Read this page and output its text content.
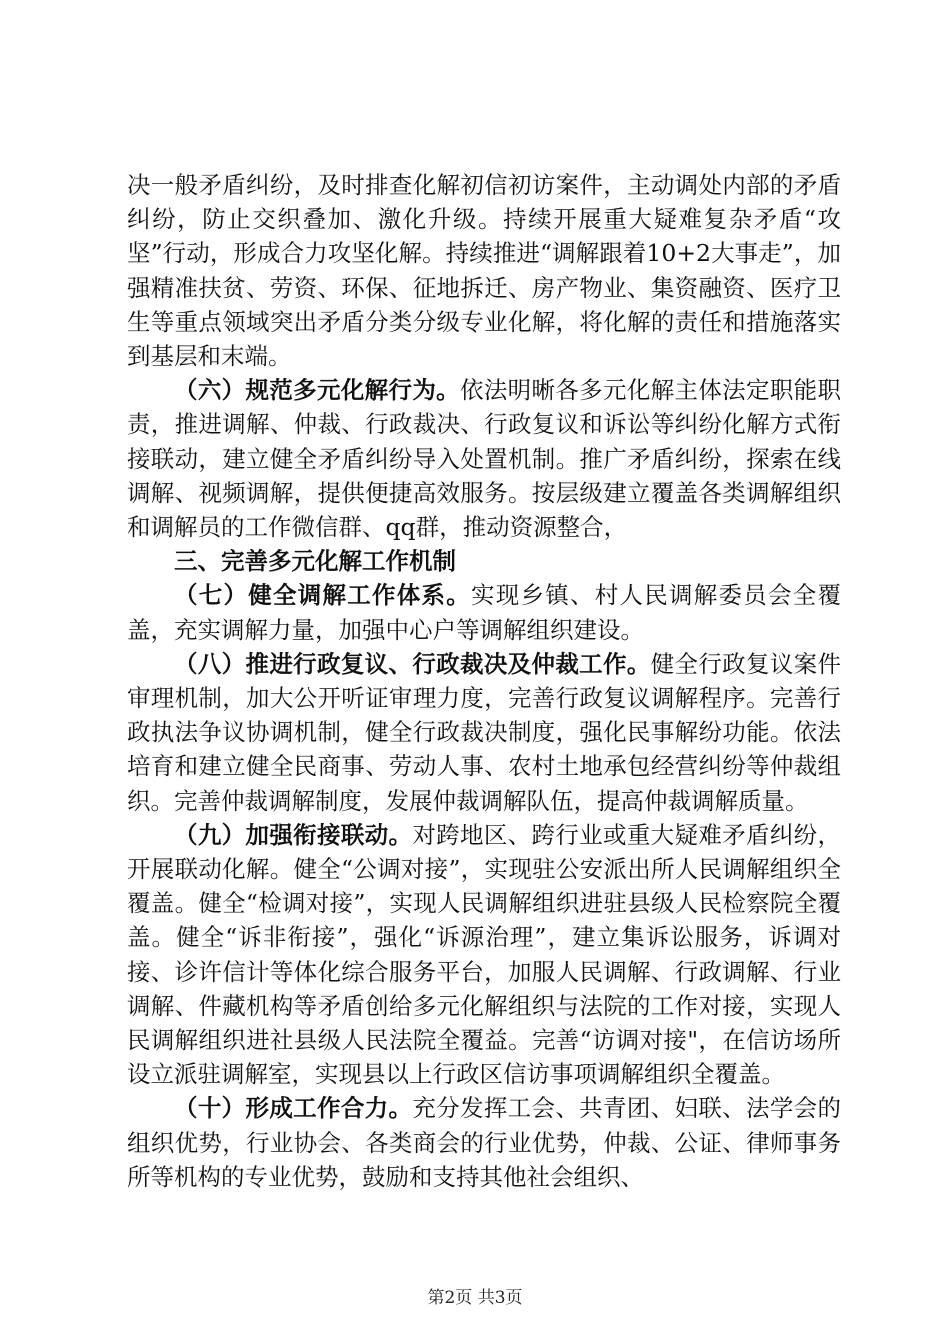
决一般矛盾纠纷，及时排查化解初信初访案件，主动调处内部的矛盾纠纷，防止交织叠加、激化升级。持续开展重大疑难复杂矛盾“攻坚”行动，形成合力攻坚化解。持续推进“调解跟着10+2大事走”，加强精准扶贫、劳资、环保、征地拆迁、房产物业、集资融资、医疗卫生等重点领域突出矛盾分类分级专业化解，将化解的责任和措施落实到基层和末端。

（六）规范多元化解行为。依法明晰各多元化解主体法定职能职责，推进调解、仲裁、行政裁决、行政复议和诉讼等纠纷化解方式衔接联动，建立健全矛盾纠纷导入处置机制。推广矛盾纠纷，探索在线调解、视频调解，提供便捷高效服务。按层级建立覆盖各类调解组织和调解员的工作微信群、qq群，推动资源整合，

三、完善多元化解工作机制

（七）健全调解工作体系。实现乡镇、村人民调解委员会全覆盖，充实调解力量，加强中心户等调解组织建设。

（八）推进行政复议、行政裁决及仲裁工作。健全行政复议案件审理机制，加大公开听证审理力度，完善行政复议调解程序。完善行政执法争议协调机制，健全行政裁决制度，强化民事解纷功能。依法培育和建立健全民商事、劳动人事、农村土地承包经营纠纷等仲裁组织。完善仲裁调解制度，发展仲裁调解队伍，提高仲裁调解质量。

（九）加强衔接联动。对跨地区、跨行业或重大疑难矛盾纠纷，开展联动化解。健全“公调对接”，实现驻公安派出所人民调解组织全覆盖。健全“检调对接”，实现人民调解组织进驻县级人民检察院全覆盖。健全“诉非衔接”，强化“诉源治理”，建立集诉讼服务，诉调对接、诊许信计等体化综合服务平台，加服人民调解、行政调解、行业调解、件藏机构等矛盾创给多元化解组织与法院的工作对接，实现人民调解组织进社县级人民法院全覆益。完善“访调对接"，在信访场所设立派驻调解室，实现县以上行政区信访事项调解组织全覆盖。

（十）形成工作合力。充分发挥工会、共青团、妇联、法学会的组织优势，行业协会、各类商会的行业优势，仲裁、公证、律师事务所等机构的专业优势，鼓励和支持其他社会组织、

第2页 共3页
